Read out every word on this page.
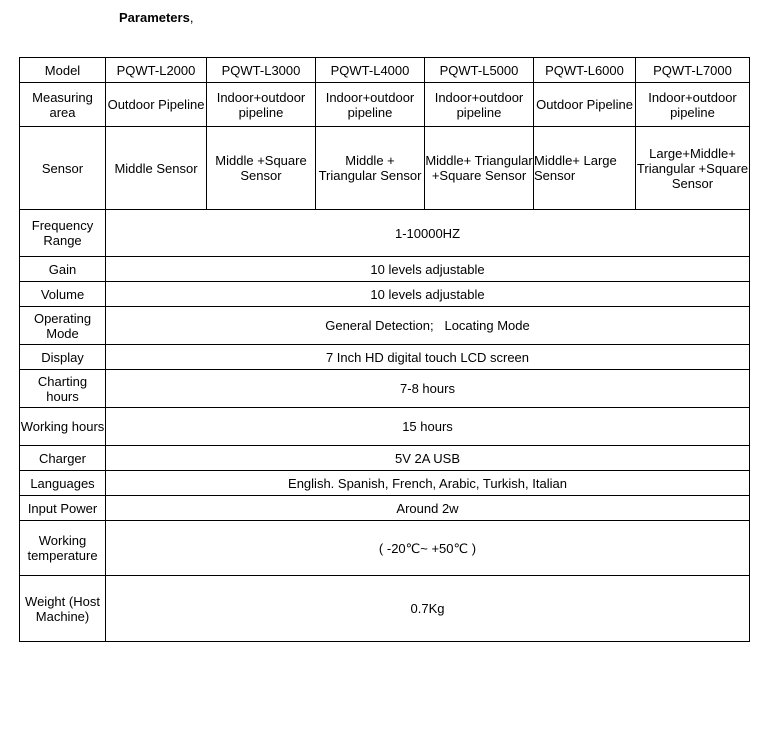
Parameters,
Model	PQWT-L2000	PQWT-L3000	PQWT-L4000	PQWT-L5000	PQWT-L6000	PQWT-L7000
Measuring area	Outdoor Pipeline	Indoor+outdoor pipeline	Indoor+outdoor pipeline	Indoor+outdoor pipeline	Outdoor Pipeline	Indoor+outdoor pipeline
Sensor	Middle Sensor	Middle +Square Sensor	Middle + Triangular Sensor	Middle+ Triangular +Square Sensor	Middle+ Large Sensor	Large+Middle+ Triangular +Square Sensor
Frequency Range	1-10000HZ					
Gain	10 levels adjustable					
Volume	10 levels adjustable					
Operating Mode	General Detection;   Locating Mode					
Display	7 Inch HD digital touch LCD screen					
Charting hours	7-8 hours					
Working hours	15 hours					
Charger	5V 2A USB					
Languages	English. Spanish, French, Arabic, Turkish, Italian					
Input Power	Around 2w					
Working temperature	( -20℃~ +50℃ )					
Weight (Host Machine)	0.7Kg					
